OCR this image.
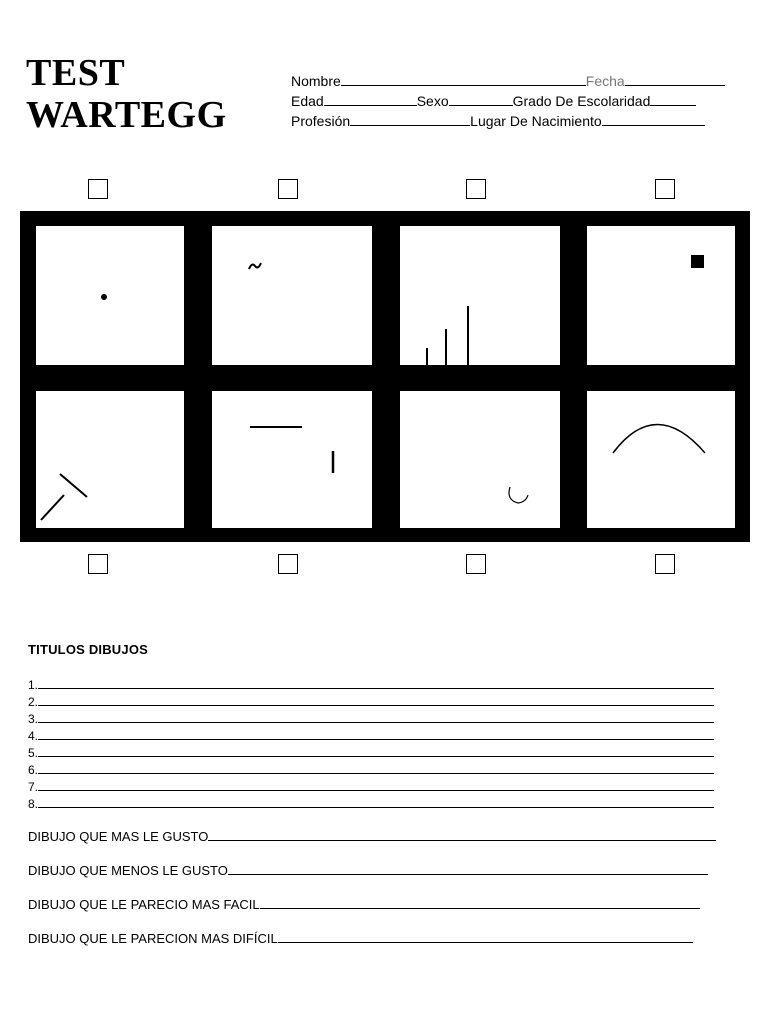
TEST
WARTEGG
Nombre	Fecha
Edad	Sexo	Grado De Escolaridad
Profesión	Lugar De Nacimiento
TITULOS DIBUJOS
1.
2.
3.
4.
5.
6.
7.
8.
DIBUJO QUE MAS LE GUSTO
DIBUJO QUE MENOS LE GUSTO
DIBUJO QUE LE PARECIO MAS FACIL
DIBUJO QUE LE PARECION MAS DIFÍCIL
